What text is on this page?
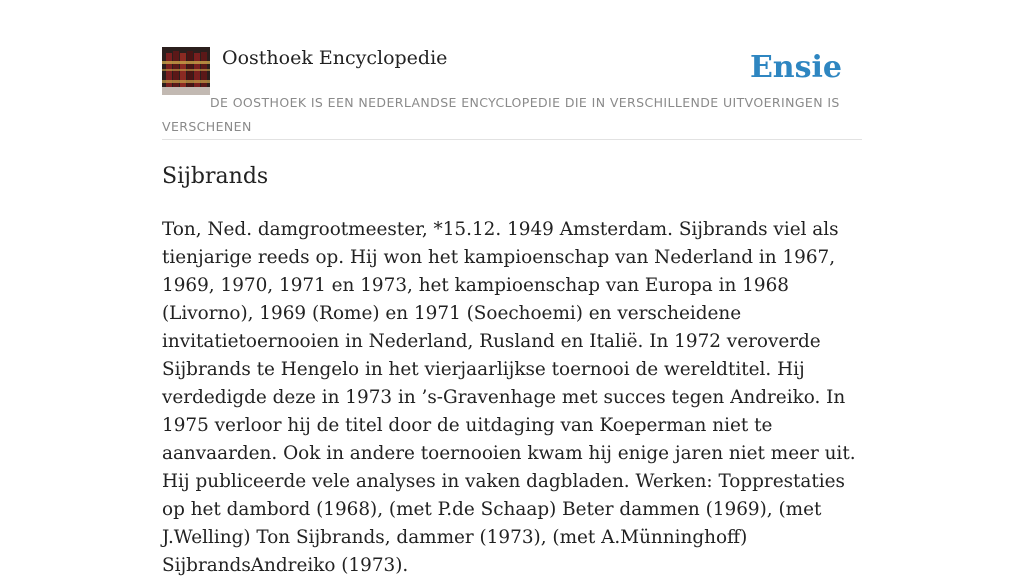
Oosthoek Encyclopedie	Ensie
DE OOSTHOEK IS EEN NEDERLANDSE ENCYCLOPEDIE DIE IN VERSCHILLENDE UITVOERINGEN IS VERSCHENEN
Sijbrands

Ton, Ned. damgrootmeester, *15.12. 1949 Amsterdam. Sijbrands viel als tienjarige reeds op. Hij won het kampioenschap van Nederland in 1967, 1969, 1970, 1971 en 1973, het kampioenschap van Europa in 1968 (Livorno), 1969 (Rome) en 1971 (Soechoemi) en verscheidene invitatietoernooien in Nederland, Rusland en Italië. In 1972 veroverde Sijbrands te Hengelo in het vierjaarlijkse toernooi de wereldtitel. Hij verdedigde deze in 1973 in ’s-Gravenhage met succes tegen Andreiko. In 1975 verloor hij de titel door de uitdaging van Koeperman niet te aanvaarden. Ook in andere toernooien kwam hij enige jaren niet meer uit. Hij publiceerde vele analyses in vaken dagbladen. Werken: Topprestaties op het dambord (1968), (met P.de Schaap) Beter dammen (1969), (met J.Welling) Ton Sijbrands, dammer (1973), (met A.Münninghoff) SijbrandsAndreiko (1973).
